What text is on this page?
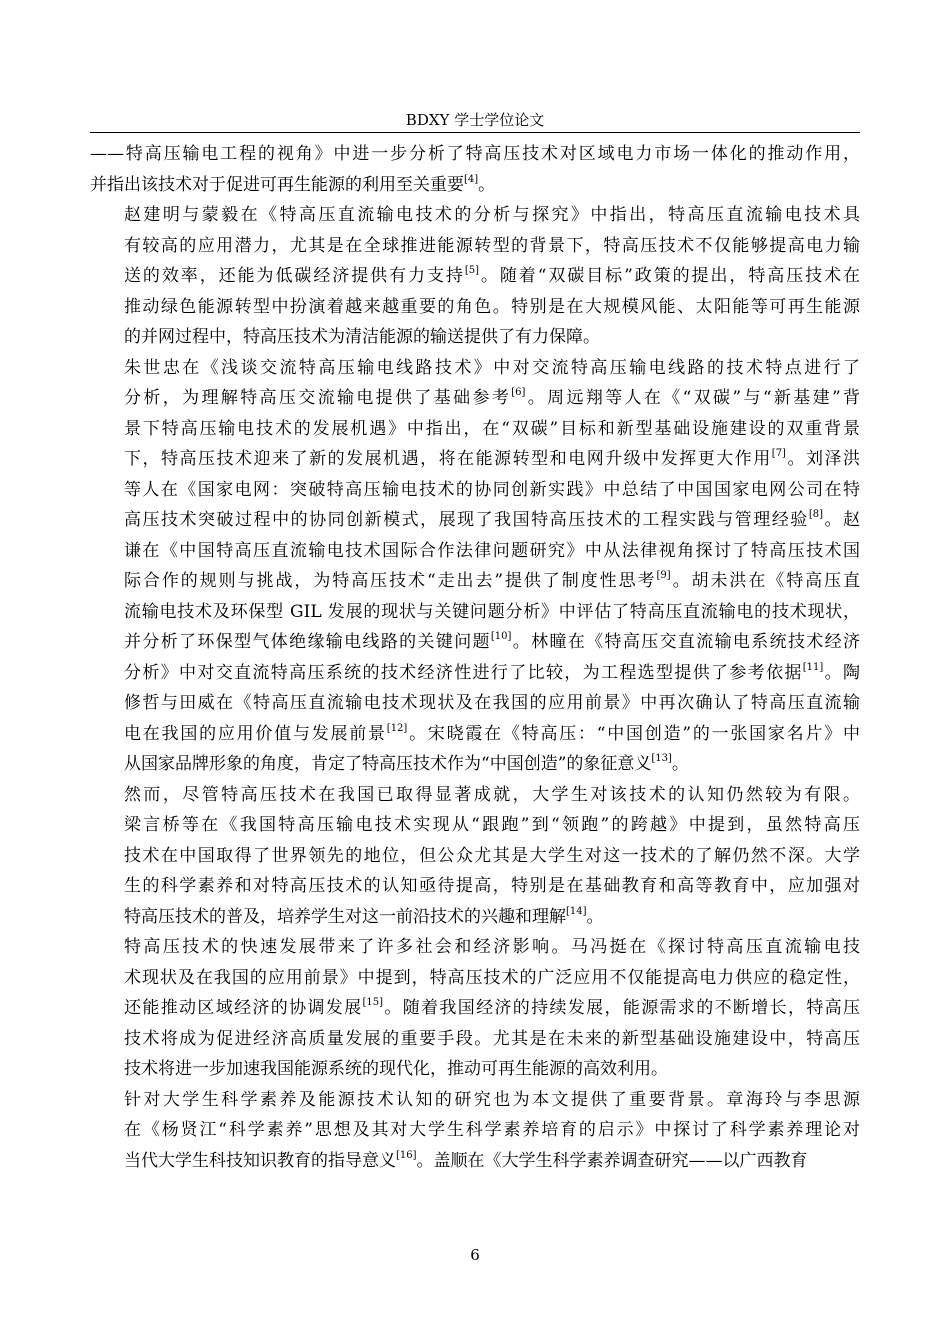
BDXY 学士学位论文
——特高压输电工程的视角》中进一步分析了特高压技术对区域电力市场一体化的推动作用，
并指出该技术对于促进可再生能源的利用至关重要[4]。
赵建明与蒙毅在《特高压直流输电技术的分析与探究》中指出，特高压直流输电技术具
有较高的应用潜力，尤其是在全球推进能源转型的背景下，特高压技术不仅能够提高电力输
送的效率，还能为低碳经济提供有力支持[5]。随着“双碳目标”政策的提出，特高压技术在
推动绿色能源转型中扮演着越来越重要的角色。特别是在大规模风能、太阳能等可再生能源
的并网过程中，特高压技术为清洁能源的输送提供了有力保障。
朱世忠在《浅谈交流特高压输电线路技术》中对交流特高压输电线路的技术特点进行了
分析，为理解特高压交流输电提供了基础参考[6]。周远翔等人在《“双碳”与“新基建”背
景下特高压输电技术的发展机遇》中指出，在“双碳”目标和新型基础设施建设的双重背景
下，特高压技术迎来了新的发展机遇，将在能源转型和电网升级中发挥更大作用[7]。刘泽洪
等人在《国家电网：突破特高压输电技术的协同创新实践》中总结了中国国家电网公司在特
高压技术突破过程中的协同创新模式，展现了我国特高压技术的工程实践与管理经验[8]。赵
谦在《中国特高压直流输电技术国际合作法律问题研究》中从法律视角探讨了特高压技术国
际合作的规则与挑战，为特高压技术“走出去”提供了制度性思考[9]。胡未洪在《特高压直
流输电技术及环保型 GIL 发展的现状与关键问题分析》中评估了特高压直流输电的技术现状，
并分析了环保型气体绝缘输电线路的关键问题[10]。林瞳在《特高压交直流输电系统技术经济
分析》中对交直流特高压系统的技术经济性进行了比较，为工程选型提供了参考依据[11]。陶
修哲与田威在《特高压直流输电技术现状及在我国的应用前景》中再次确认了特高压直流输
电在我国的应用价值与发展前景[12]。宋晓霞在《特高压：“中国创造”的一张国家名片》中
从国家品牌形象的角度，肯定了特高压技术作为“中国创造”的象征意义[13]。
然而，尽管特高压技术在我国已取得显著成就，大学生对该技术的认知仍然较为有限。
梁言桥等在《我国特高压输电技术实现从“跟跑”到“领跑”的跨越》中提到，虽然特高压
技术在中国取得了世界领先的地位，但公众尤其是大学生对这一技术的了解仍然不深。大学
生的科学素养和对特高压技术的认知亟待提高，特别是在基础教育和高等教育中，应加强对
特高压技术的普及，培养学生对这一前沿技术的兴趣和理解[14]。
特高压技术的快速发展带来了许多社会和经济影响。马冯挺在《探讨特高压直流输电技
术现状及在我国的应用前景》中提到，特高压技术的广泛应用不仅能提高电力供应的稳定性，
还能推动区域经济的协调发展[15]。随着我国经济的持续发展，能源需求的不断增长，特高压
技术将成为促进经济高质量发展的重要手段。尤其是在未来的新型基础设施建设中，特高压
技术将进一步加速我国能源系统的现代化，推动可再生能源的高效利用。
针对大学生科学素养及能源技术认知的研究也为本文提供了重要背景。章海玲与李思源
在《杨贤江“科学素养”思想及其对大学生科学素养培育的启示》中探讨了科学素养理论对
当代大学生科技知识教育的指导意义[16]。盖顺在《大学生科学素养调查研究——以广西教育
6
